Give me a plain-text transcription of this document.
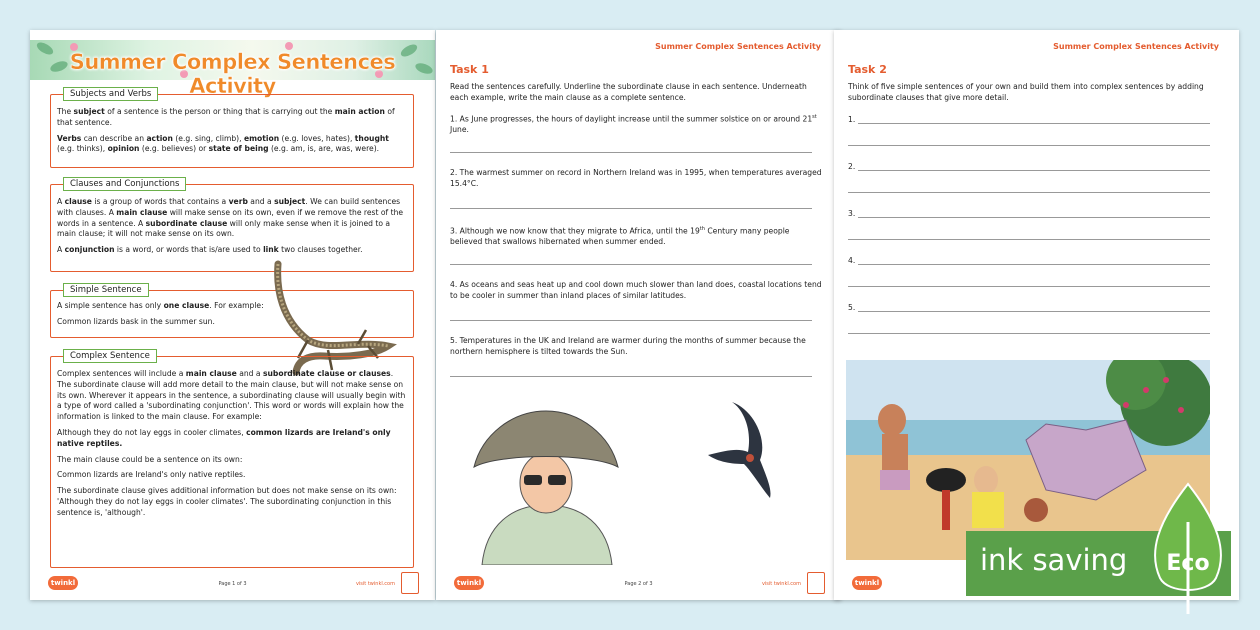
Summer Complex Sentences Activity
Subjects and Verbs

The subject of a sentence is the person or thing that is carrying out the main action of that sentence.

Verbs can describe an action (e.g. sing, climb), emotion (e.g. loves, hates), thought (e.g. thinks), opinion (e.g. believes) or state of being (e.g. am, is, are, was, were).

Clauses and Conjunctions

A clause is a group of words that contains a verb and a subject. We can build sentences with clauses. A main clause will make sense on its own, even if we remove the rest of the words in a sentence. A subordinate clause will only make sense when it is joined to a main clause; it will not make sense on its own.

A conjunction is a word, or words that is/are used to link two clauses together.

Simple Sentence

A simple sentence has only one clause. For example:

Common lizards bask in the summer sun.

Complex Sentence

Complex sentences will include a main clause and a subordinate clause or clauses. The subordinate clause will add more detail to the main clause, but will not make sense on its own. Wherever it appears in the sentence, a subordinating clause will usually begin with a type of word called a 'subordinating conjunction'. This word or words will explain how the information is linked to the main clause. For example:

Although they do not lay eggs in cooler climates, common lizards are Ireland's only native reptiles.

The main clause could be a sentence on its own:

Common lizards are Ireland's only native reptiles.

The subordinate clause gives additional information but does not make sense on its own: 'Although they do not lay eggs in cooler climates'. The subordinating conjunction in this sentence is, 'although'.

twinkl	Page 1 of 3	visit twinkl.com
Summer Complex Sentences Activity
Task 1
Read the sentences carefully. Underline the subordinate clause in each sentence. Underneath each example, write the main clause as a complete sentence.
1. As June progresses, the hours of daylight increase until the summer solstice on or around 21st June.
2. The warmest summer on record in Northern Ireland was in 1995, when temperatures averaged 15.4°C.
3. Although we now know that they migrate to Africa, until the 19th Century many people believed that swallows hibernated when summer ended.
4. As oceans and seas heat up and cool down much slower than land does, coastal locations tend to be cooler in summer than inland places of similar latitudes.
5. Temperatures in the UK and Ireland are warmer during the months of summer because the northern hemisphere is tilted towards the Sun.
twinkl	Page 2 of 3	visit twinkl.com
Summer Complex Sentences Activity
Task 2
Think of five simple sentences of your own and build them into complex sentences by adding subordinate clauses that give more detail.
1.
2.
3.
4.
5.
twinkl
ink saving Eco
